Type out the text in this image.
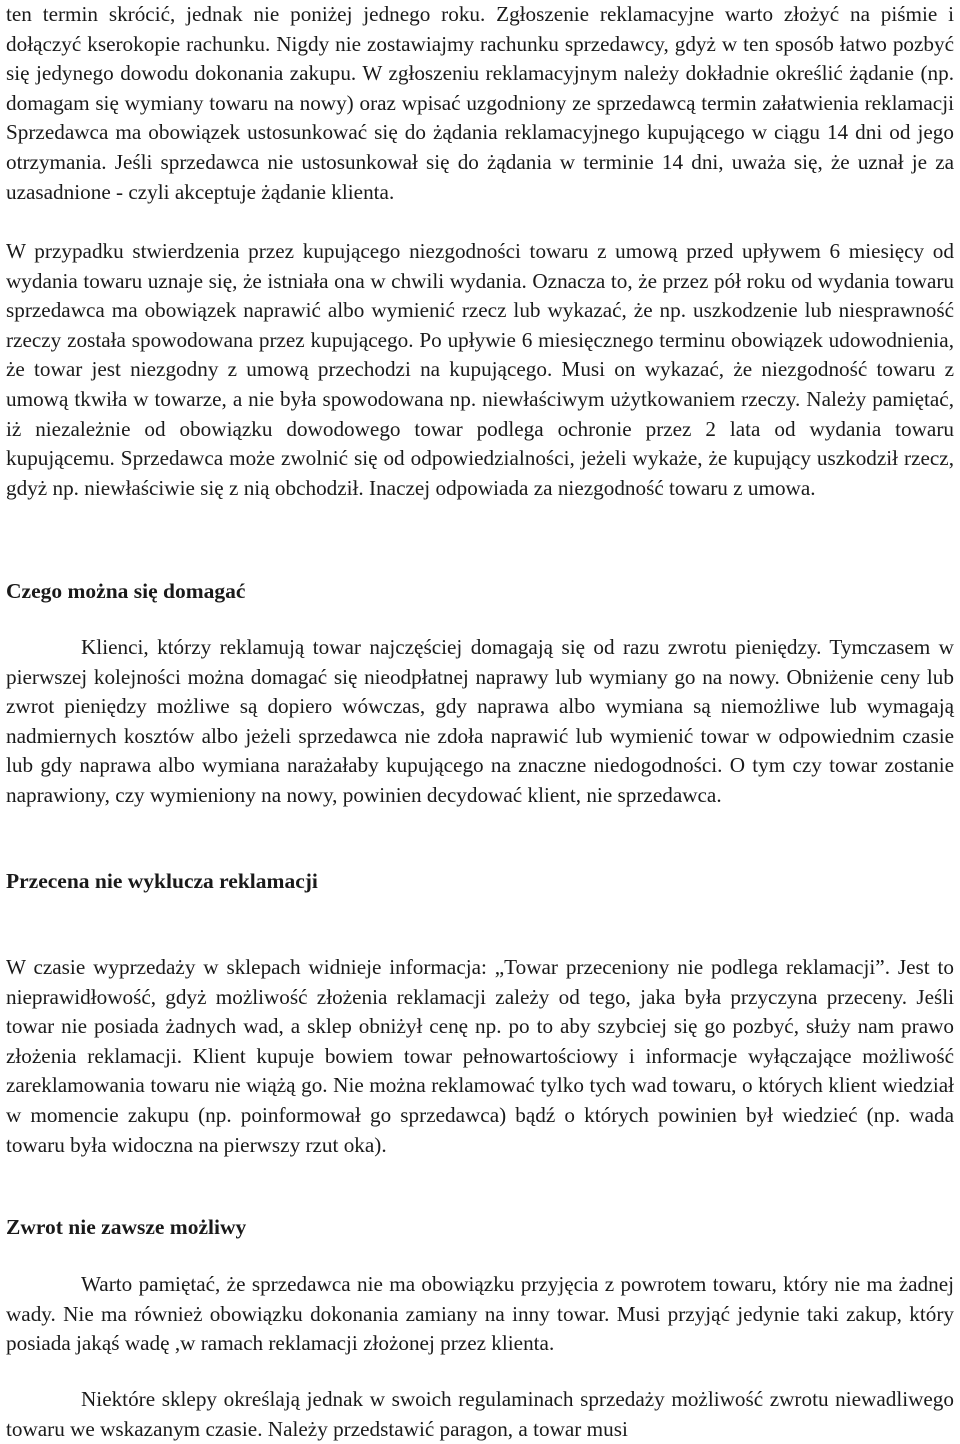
ten termin skrócić, jednak nie poniżej jednego roku. Zgłoszenie reklamacyjne warto złożyć na piśmie i dołączyć kserokopie rachunku. Nigdy nie zostawiajmy rachunku sprzedawcy, gdyż w ten sposób łatwo pozbyć się jedynego dowodu dokonania zakupu. W zgłoszeniu reklamacyjnym należy dokładnie określić żądanie (np. domagam się wymiany towaru na nowy) oraz wpisać uzgodniony ze sprzedawcą termin załatwienia reklamacji Sprzedawca ma obowiązek ustosunkować się do żądania reklamacyjnego kupującego w ciągu 14 dni od jego otrzymania. Jeśli sprzedawca nie ustosunkował się do żądania w terminie 14 dni, uważa się, że uznał je za uzasadnione - czyli akceptuje żądanie klienta.

W przypadku stwierdzenia przez kupującego niezgodności towaru z umową przed upływem 6 miesięcy od wydania towaru uznaje się, że istniała ona w chwili wydania. Oznacza to, że przez pół roku od wydania towaru sprzedawca ma obowiązek naprawić albo wymienić rzecz lub wykazać, że np. uszkodzenie lub niesprawność rzeczy została spowodowana przez kupującego. Po upływie 6 miesięcznego terminu obowiązek udowodnienia, że towar jest niezgodny z umową przechodzi na kupującego. Musi on wykazać, że niezgodność towaru z umową tkwiła w towarze, a nie była spowodowana np. niewłaściwym użytkowaniem rzeczy. Należy pamiętać, iż niezależnie od obowiązku dowodowego towar podlega ochronie przez 2 lata od wydania towaru kupującemu. Sprzedawca może zwolnić się od odpowiedzialności, jeżeli wykaże, że kupujący uszkodził rzecz, gdyż np. niewłaściwie się z nią obchodził. Inaczej odpowiada za niezgodność towaru z umowa.

Czego można się domagać

Klienci, którzy reklamują towar najczęściej domagają się od razu zwrotu pieniędzy. Tymczasem w pierwszej kolejności można domagać się nieodpłatnej naprawy lub wymiany go na nowy. Obniżenie ceny lub zwrot pieniędzy możliwe są dopiero wówczas, gdy naprawa albo wymiana są niemożliwe lub wymagają nadmiernych kosztów albo jeżeli sprzedawca nie zdoła naprawić lub wymienić towar w odpowiednim czasie lub gdy naprawa albo wymiana narażałaby kupującego na znaczne niedogodności. O tym czy towar zostanie naprawiony, czy wymieniony na nowy, powinien decydować klient, nie sprzedawca.

Przecena nie wyklucza reklamacji

W czasie wyprzedaży w sklepach widnieje informacja: „Towar przeceniony nie podlega reklamacji”. Jest to nieprawidłowość, gdyż możliwość złożenia reklamacji zależy od tego, jaka była przyczyna przeceny. Jeśli towar nie posiada żadnych wad, a sklep obniżył cenę np. po to aby szybciej się go pozbyć, służy nam prawo złożenia reklamacji. Klient kupuje bowiem towar pełnowartościowy i informacje wyłączające możliwość zareklamowania towaru nie wiążą go. Nie można reklamować tylko tych wad towaru, o których klient wiedział w momencie zakupu (np. poinformował go sprzedawca) bądź o których powinien był wiedzieć (np. wada towaru była widoczna na pierwszy rzut oka).

Zwrot nie zawsze możliwy

Warto pamiętać, że sprzedawca nie ma obowiązku przyjęcia z powrotem towaru, który nie ma żadnej wady. Nie ma również obowiązku dokonania zamiany na inny towar. Musi przyjąć jedynie taki zakup, który posiada jakąś wadę ,w ramach reklamacji złożonej przez klienta.

Niektóre sklepy określają jednak w swoich regulaminach sprzedaży możliwość zwrotu niewadliwego towaru we wskazanym czasie. Należy przedstawić paragon, a towar musi
